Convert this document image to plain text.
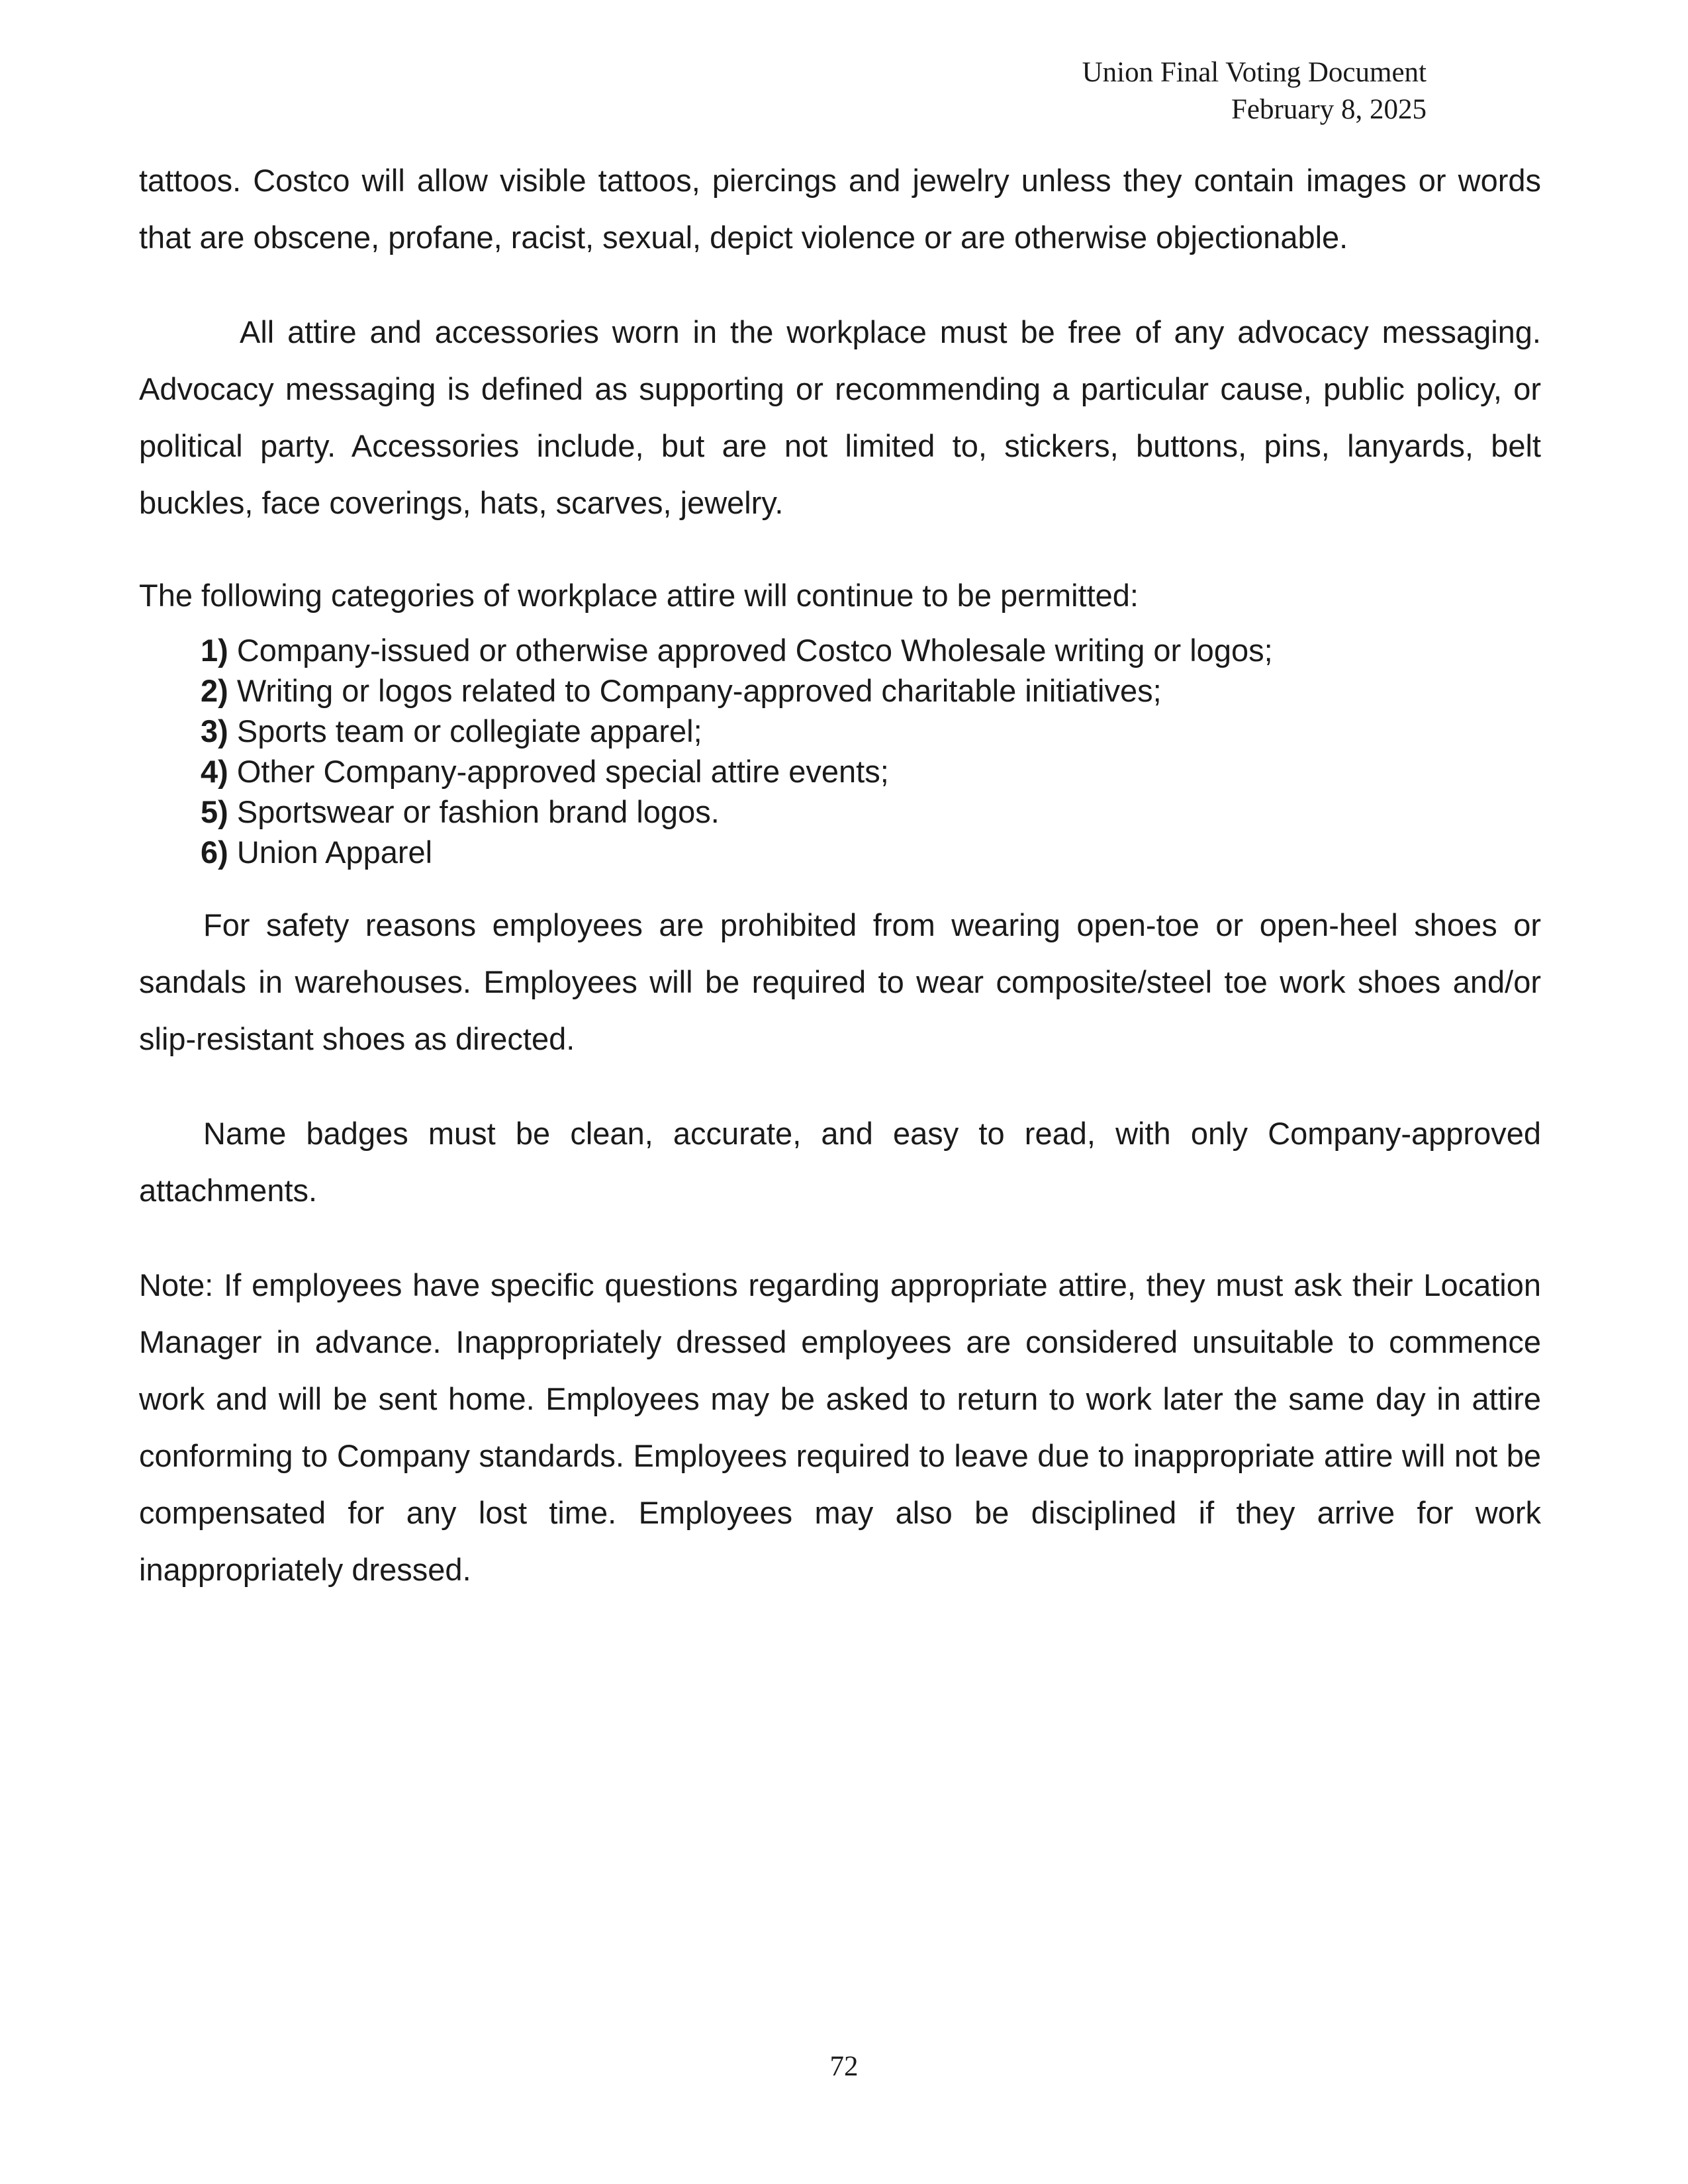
Union Final Voting Document
February 8, 2025

tattoos. Costco will allow visible tattoos, piercings and jewelry unless they contain images or words that are obscene, profane, racist, sexual, depict violence or are otherwise objectionable.

All attire and accessories worn in the workplace must be free of any advocacy messaging. Advocacy messaging is defined as supporting or recommending a particular cause, public policy, or political party. Accessories include, but are not limited to, stickers, buttons, pins, lanyards, belt buckles, face coverings, hats, scarves, jewelry.

The following categories of workplace attire will continue to be permitted:

1) Company-issued or otherwise approved Costco Wholesale writing or logos;
2) Writing or logos related to Company-approved charitable initiatives;
3) Sports team or collegiate apparel;
4) Other Company-approved special attire events;
5) Sportswear or fashion brand logos.
6) Union Apparel

For safety reasons employees are prohibited from wearing open-toe or open-heel shoes or sandals in warehouses. Employees will be required to wear composite/steel toe work shoes and/or slip-resistant shoes as directed.

Name badges must be clean, accurate, and easy to read, with only Company-approved attachments.

Note: If employees have specific questions regarding appropriate attire, they must ask their Location Manager in advance. Inappropriately dressed employees are considered unsuitable to commence work and will be sent home. Employees may be asked to return to work later the same day in attire conforming to Company standards. Employees required to leave due to inappropriate attire will not be compensated for any lost time. Employees may also be disciplined if they arrive for work inappropriately dressed.

72
